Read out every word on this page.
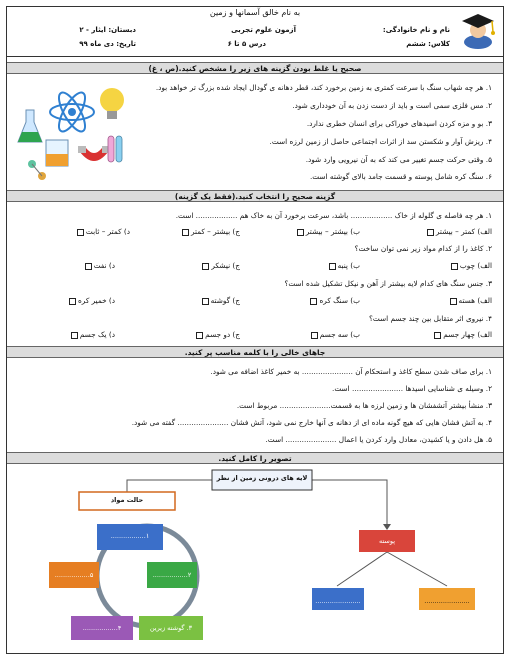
به نام خالق آسمانها و زمین
نام و نام خانوادگی:
کلاس: ششم
آزمون علوم تجربی
درس ۵ تا ۶
دبستان: ایثار - ۲
تاریخ: دی ماه ۹۹
صحیح یا غلط بودن گزینه های زیر را مشخص کنید.(ص ، غ)
۱. هر چه شهاب سنگ با سرعت کمتری به زمین برخورد کند، قطر دهانه ی گودال ایجاد شده بزرگ تر خواهد بود.
۲. مس فلزی سمی است و باید از دست زدن به آن خودداری شود.
۳. بو و مزه کردن اسیدهای خوراکی برای انسان خطری ندارد.
۴. ریزش آوار و شکستن سد از اثرات اجتماعی حاصل از زمین لرزه است.
۵. وقتی حرکت جسم تغییر می کند که به آن نیرویی وارد شود.
۶. سنگ کره شامل پوسته و قسمت جامد بالای گوشته است.
گزینه صحیح را انتخاب کنید.(فقط یک گزینه)
۱. هر چه فاصله ی گلوله از خاک .................. باشد، سرعت برخورد آن به خاک هم .................. است.
الف) کمتر – بیشتر
ب) بیشتر – بیشتر
ج) بیشتر – کمتر
د) کمتر – ثابت
۲. کاغذ را از کدام مواد زیر نمی توان ساخت؟
الف) چوب
ب) پنبه
ج) نیشکر
د) نفت
۳. جنس سنگ های کدام لایه بیشتر از آهن و نیکل تشکیل شده است؟
الف) هسته
ب) سنگ کره
ج) گوشته
د) خمیر کره
۴. نیروی اثر متقابل بین چند جسم است؟
الف) چهار جسم
ب) سه جسم
ج) دو جسم
د) یک جسم
جاهای خالی را با کلمه مناسب پر کنید.
۱. برای صاف شدن سطح کاغذ و استحکام آن ...................... به خمیر کاغذ اضافه می شود.
۲. وسیله ی شناسایی اسیدها ...................... است.
۳. منشأ بیشتر آتشفشان ها و زمین لرزه ها به قسمت...................... مربوط است.
۴. به آتش فشان هایی که هیچ گونه ماده ای از دهانه ی آنها خارج نمی شود، آتش فشان ...................... گفته می شود.
۵. هل دادن و یا کشیدن، معادل وارد کردن یا اعمال ...................... است.
تصویر را کامل کنید.
لایه های درونی زمین از نظر
حالت مواد
پوسته
......................	......................
۱.................
۲.................
۳. گوشته زیرین
۴.................
۵.................
